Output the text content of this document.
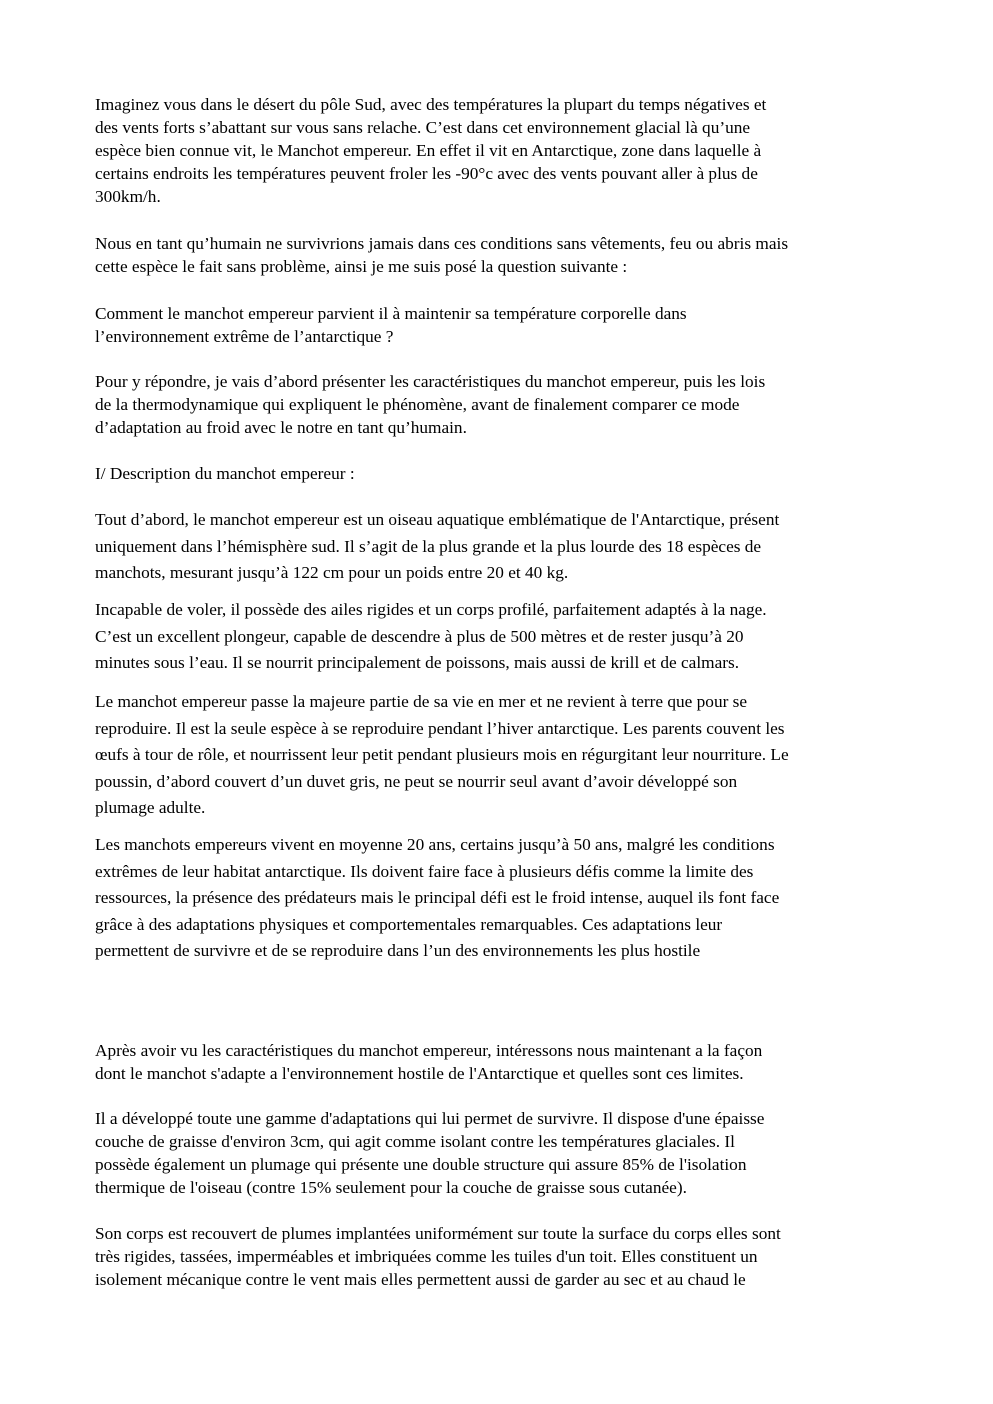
Imaginez vous dans le désert du pôle Sud, avec des températures la plupart du temps négatives et
des vents forts s’abattant sur vous sans relache. C’est dans cet environnement glacial là qu’une
espèce bien connue vit, le Manchot empereur. En effet il vit en Antarctique, zone dans laquelle à
certains endroits les températures peuvent froler les -90°c avec des vents pouvant aller à plus de
300km/h.

Nous en tant qu’humain ne survivrions jamais dans ces conditions sans vêtements, feu ou abris mais
cette espèce le fait sans problème, ainsi je me suis posé la question suivante :

Comment le manchot empereur parvient il à maintenir sa température corporelle dans
l’environnement extrême de l’antarctique ?

Pour y répondre, je vais d’abord présenter les caractéristiques du manchot empereur, puis les lois
de la thermodynamique qui expliquent le phénomène, avant de finalement comparer ce mode
d’adaptation au froid avec le notre en tant qu’humain.

I/ Description du manchot empereur :

Tout d’abord, le manchot empereur est un oiseau aquatique emblématique de l'Antarctique, présent
uniquement dans l’hémisphère sud. Il s’agit de la plus grande et la plus lourde des 18 espèces de
manchots, mesurant jusqu’à 122 cm pour un poids entre 20 et 40 kg.

Incapable de voler, il possède des ailes rigides et un corps profilé, parfaitement adaptés à la nage.
C’est un excellent plongeur, capable de descendre à plus de 500 mètres et de rester jusqu’à 20
minutes sous l’eau. Il se nourrit principalement de poissons, mais aussi de krill et de calmars.

Le manchot empereur passe la majeure partie de sa vie en mer et ne revient à terre que pour se
reproduire. Il est la seule espèce à se reproduire pendant l’hiver antarctique. Les parents couvent les
œufs à tour de rôle, et nourrissent leur petit pendant plusieurs mois en régurgitant leur nourriture. Le
poussin, d’abord couvert d’un duvet gris, ne peut se nourrir seul avant d’avoir développé son
plumage adulte.

Les manchots empereurs vivent en moyenne 20 ans, certains jusqu’à 50 ans, malgré les conditions
extrêmes de leur habitat antarctique. Ils doivent faire face à plusieurs défis comme la limite des
ressources, la présence des prédateurs mais le principal défi est le froid intense, auquel ils font face
grâce à des adaptations physiques et comportementales remarquables. Ces adaptations leur
permettent de survivre et de se reproduire dans l’un des environnements les plus hostile

Après avoir vu les caractéristiques du manchot empereur, intéressons nous maintenant a la façon
dont le manchot s'adapte a l'environnement hostile de l'Antarctique et quelles sont ces limites.

Il a développé toute une gamme d'adaptations qui lui permet de survivre. Il dispose d'une épaisse
couche de graisse d'environ 3cm, qui agit comme isolant contre les températures glaciales. Il
possède également un plumage qui présente une double structure qui assure 85% de l'isolation
thermique de l'oiseau (contre 15% seulement pour la couche de graisse sous cutanée).

Son corps est recouvert de plumes implantées uniformément sur toute la surface du corps elles sont
très rigides, tassées, imperméables et imbriquées comme les tuiles d'un toit. Elles constituent un
isolement mécanique contre le vent mais elles permettent aussi de garder au sec et au chaud le
